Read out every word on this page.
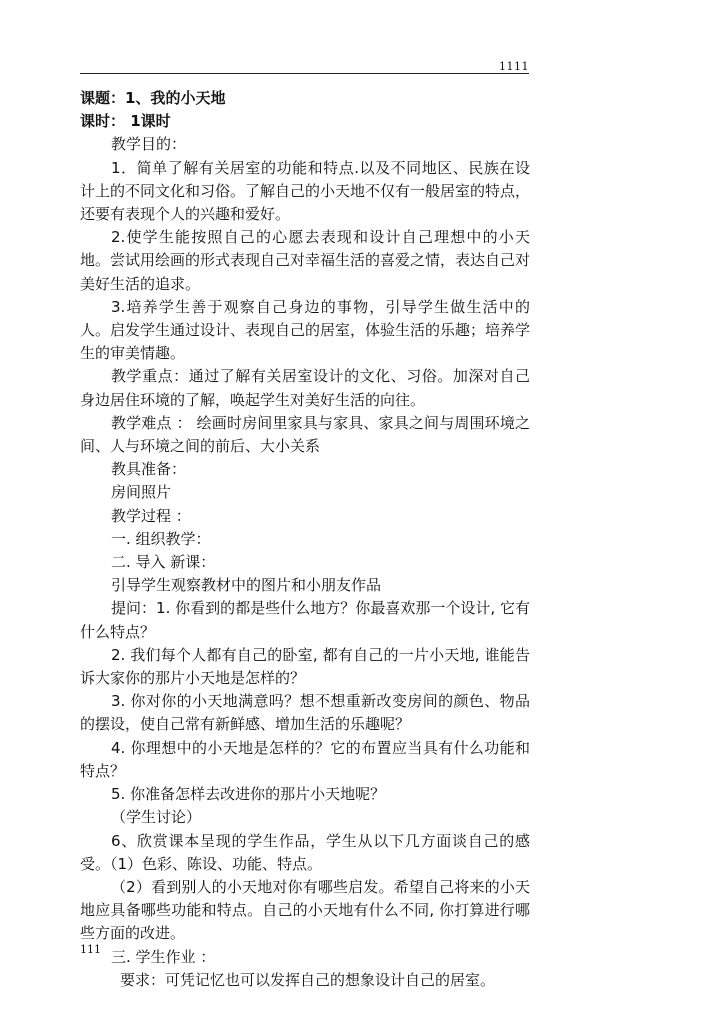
1111
课题：1、我的小天地
课时： 1课时
教学目的：
1．简单了解有关居室的功能和特点.以及不同地区、民族在设计上的不同文化和习俗。了解自己的小天地不仅有一般居室的特点，还要有表现个人的兴趣和爱好。
2.使学生能按照自己的心愿去表现和设计自己理想中的小天地。尝试用绘画的形式表现自己对幸福生活的喜爱之情，表达自己对美好生活的追求。
3.培养学生善于观察自己身边的事物，引导学生做生活中的人。启发学生通过设计、表现自己的居室，体验生活的乐趣；培养学生的审美情趣。
教学重点：通过了解有关居室设计的文化、习俗。加深对自己身边居住环境的了解，唤起学生对美好生活的向往。
教学难点 ： 绘画时房间里家具与家具、家具之间与周围环境之间、人与环境之间的前后、大小关系
教具准备：
房间照片
教学过程 ：
一. 组织教学：
二. 导入 新课：
引导学生观察教材中的图片和小朋友作品
提问：1. 你看到的都是些什么地方？你最喜欢那一个设计, 它有什么特点？
2. 我们每个人都有自己的卧室, 都有自己的一片小天地, 谁能告诉大家你的那片小天地是怎样的？
3. 你对你的小天地满意吗？想不想重新改变房间的颜色、物品的摆设，使自己常有新鲜感、增加生活的乐趣呢？
4. 你理想中的小天地是怎样的？它的布置应当具有什么功能和特点？
5. 你准备怎样去改进你的那片小天地呢？
（学生讨论）
6、欣赏课本呈现的学生作品，学生从以下几方面谈自己的感受。（1）色彩、陈设、功能、特点。
（2）看到别人的小天地对你有哪些启发。希望自己将来的小天地应具备哪些功能和特点。自己的小天地有什么不同, 你打算进行哪些方面的改进。
三. 学生作业 ：
要求：可凭记忆也可以发挥自己的想象设计自己的居室。
111
